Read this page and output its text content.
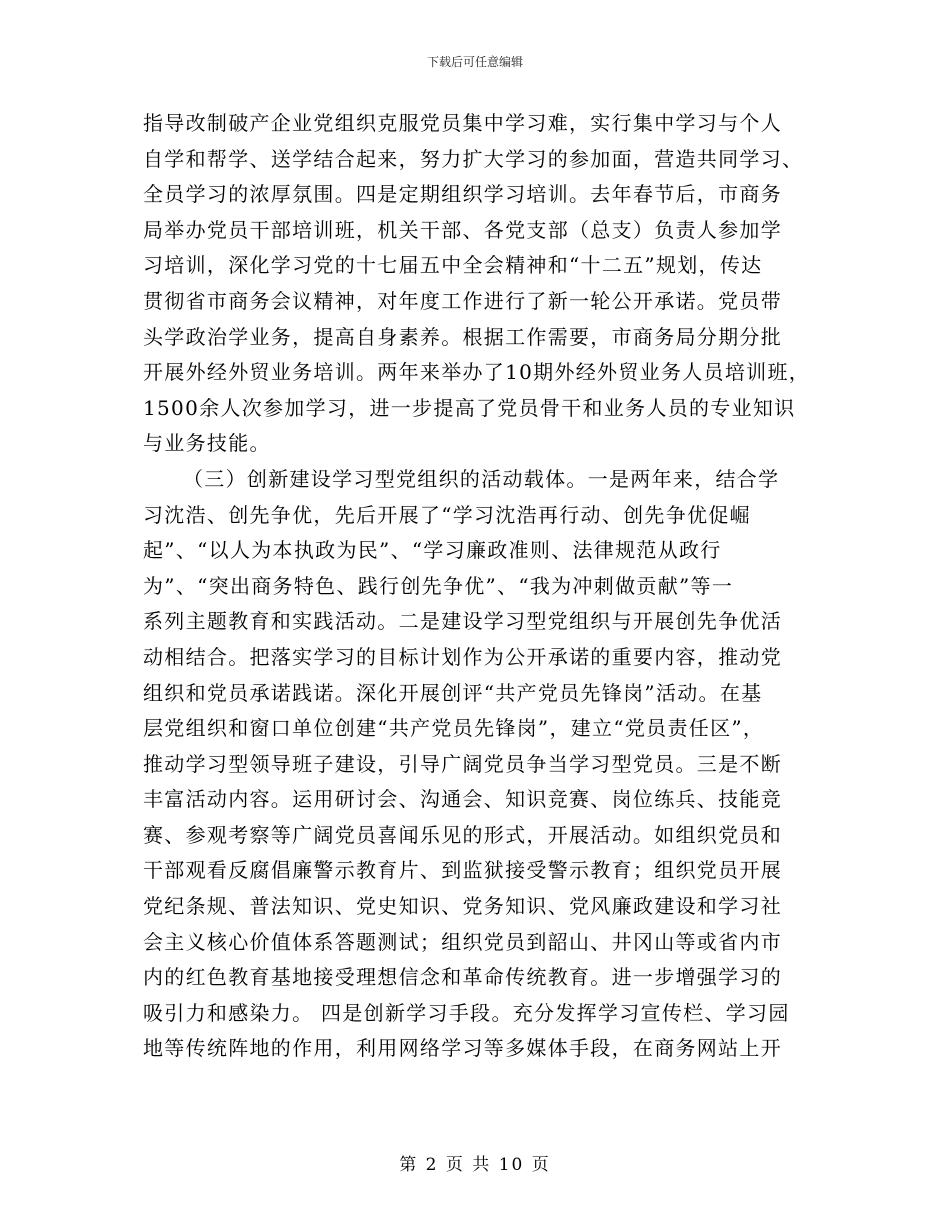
下载后可任意编辑
指导改制破产企业党组织克服党员集中学习难，实行集中学习与个人
自学和帮学、送学结合起来，努力扩大学习的参加面，营造共同学习、
全员学习的浓厚氛围。四是定期组织学习培训。去年春节后，市商务
局举办党员干部培训班，机关干部、各党支部（总支）负责人参加学
习培训，深化学习党的十七届五中全会精神和“十二五”规划，传达
贯彻省市商务会议精神，对年度工作进行了新一轮公开承诺。党员带
头学政治学业务，提高自身素养。根据工作需要，市商务局分期分批
开展外经外贸业务培训。两年来举办了10期外经外贸业务人员培训班，
1500余人次参加学习，进一步提高了党员骨干和业务人员的专业知识
与业务技能。
（三）创新建设学习型党组织的活动载体。一是两年来，结合学
习沈浩、创先争优，先后开展了“学习沈浩再行动、创先争优促崛
起”、“以人为本执政为民”、“学习廉政准则、法律规范从政行
为”、“突出商务特色、践行创先争优”、“我为冲刺做贡献”等一
系列主题教育和实践活动。二是建设学习型党组织与开展创先争优活
动相结合。把落实学习的目标计划作为公开承诺的重要内容，推动党
组织和党员承诺践诺。深化开展创评“共产党员先锋岗”活动。在基
层党组织和窗口单位创建“共产党员先锋岗”，建立“党员责任区”，
推动学习型领导班子建设，引导广阔党员争当学习型党员。三是不断
丰富活动内容。运用研讨会、沟通会、知识竞赛、岗位练兵、技能竞
赛、参观考察等广阔党员喜闻乐见的形式，开展活动。如组织党员和
干部观看反腐倡廉警示教育片、到监狱接受警示教育；组织党员开展
党纪条规、普法知识、党史知识、党务知识、党风廉政建设和学习社
会主义核心价值体系答题测试；组织党员到韶山、井冈山等或省内市
内的红色教育基地接受理想信念和革命传统教育。进一步增强学习的
吸引力和感染力。 四是创新学习手段。充分发挥学习宣传栏、学习园
地等传统阵地的作用，利用网络学习等多媒体手段，在商务网站上开
第 2 页 共 10 页
